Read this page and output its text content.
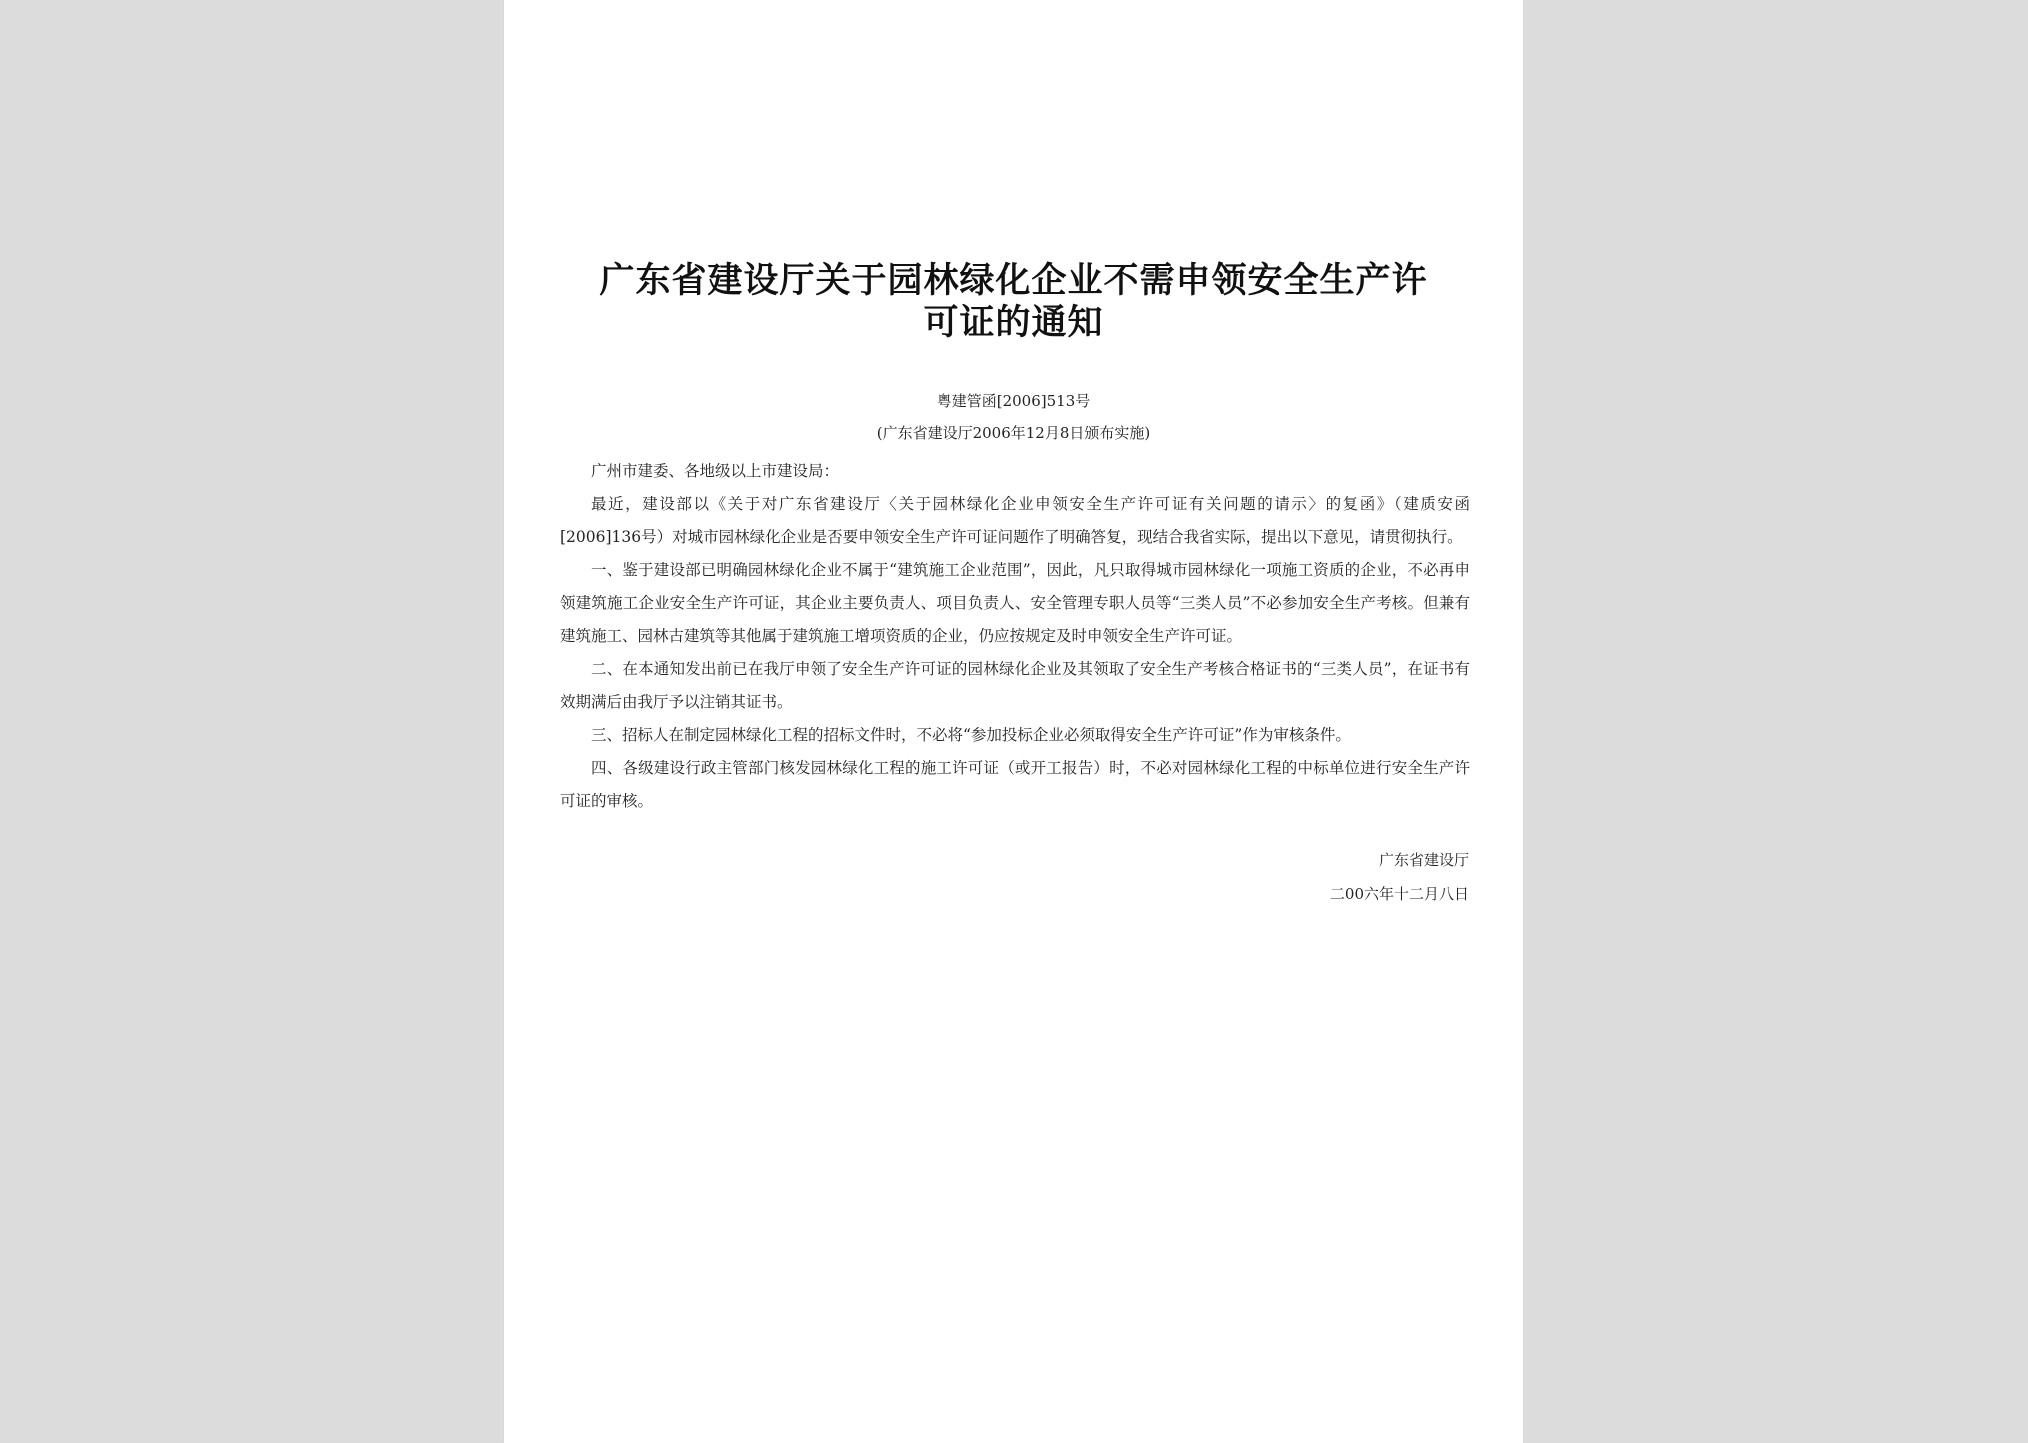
广东省建设厅关于园林绿化企业不需申领安全生产许
可证的通知
粤建管函[2006]513号
(广东省建设厅2006年12月8日颁布实施)

广州市建委、各地级以上市建设局：

最近，建设部以《关于对广东省建设厅〈关于园林绿化企业申领安全生产许可证有关问题的请示〉的复函》（建质安函[2006]136号）对城市园林绿化企业是否要申领安全生产许可证问题作了明确答复，现结合我省实际，提出以下意见，请贯彻执行。

一、鉴于建设部已明确园林绿化企业不属于“建筑施工企业范围”，因此，凡只取得城市园林绿化一项施工资质的企业，不必再申领建筑施工企业安全生产许可证，其企业主要负责人、项目负责人、安全管理专职人员等“三类人员”不必参加安全生产考核。但兼有建筑施工、园林古建筑等其他属于建筑施工增项资质的企业，仍应按规定及时申领安全生产许可证。

二、在本通知发出前已在我厅申领了安全生产许可证的园林绿化企业及其领取了安全生产考核合格证书的“三类人员”，在证书有效期满后由我厅予以注销其证书。

三、招标人在制定园林绿化工程的招标文件时，不必将“参加投标企业必须取得安全生产许可证”作为审核条件。

四、各级建设行政主管部门核发园林绿化工程的施工许可证（或开工报告）时，不必对园林绿化工程的中标单位进行安全生产许可证的审核。

广东省建设厅
二00六年十二月八日
